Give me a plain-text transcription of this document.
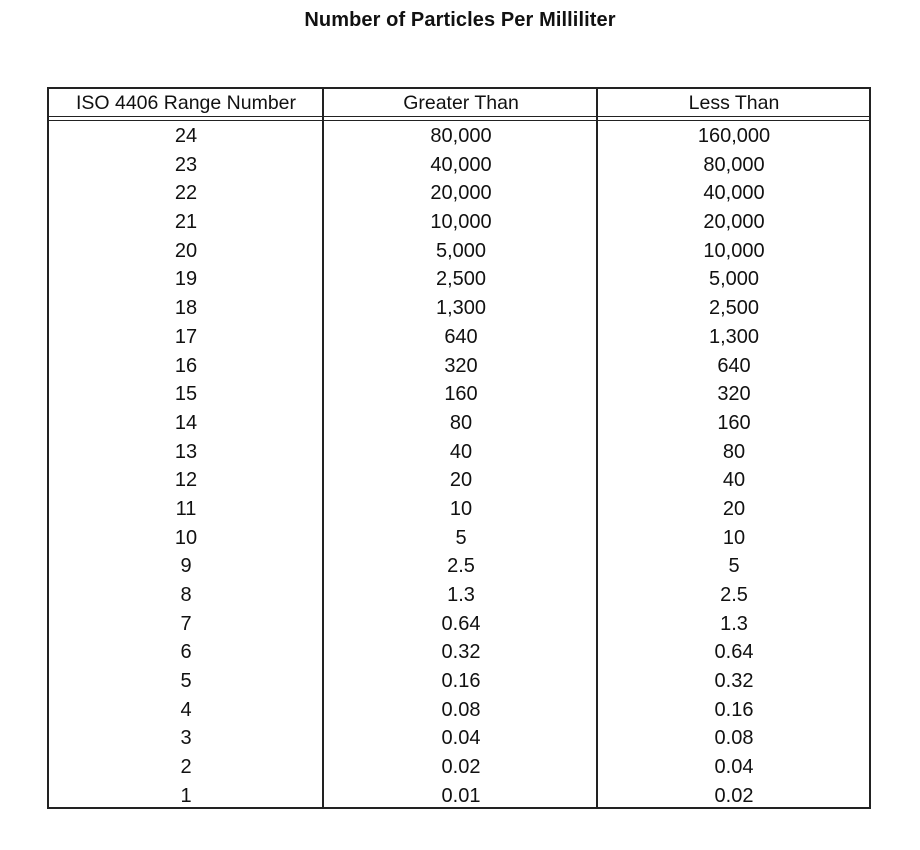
Number of Particles Per Milliliter
ISO 4406 Range Number	Greater Than	Less Than
24	80,000	160,000
23	40,000	80,000
22	20,000	40,000
21	10,000	20,000
20	5,000	10,000
19	2,500	5,000
18	1,300	2,500
17	640	1,300
16	320	640
15	160	320
14	80	160
13	40	80
12	20	40
11	10	20
10	5	10
9	2.5	5
8	1.3	2.5
7	0.64	1.3
6	0.32	0.64
5	0.16	0.32
4	0.08	0.16
3	0.04	0.08
2	0.02	0.04
1	0.01	0.02
